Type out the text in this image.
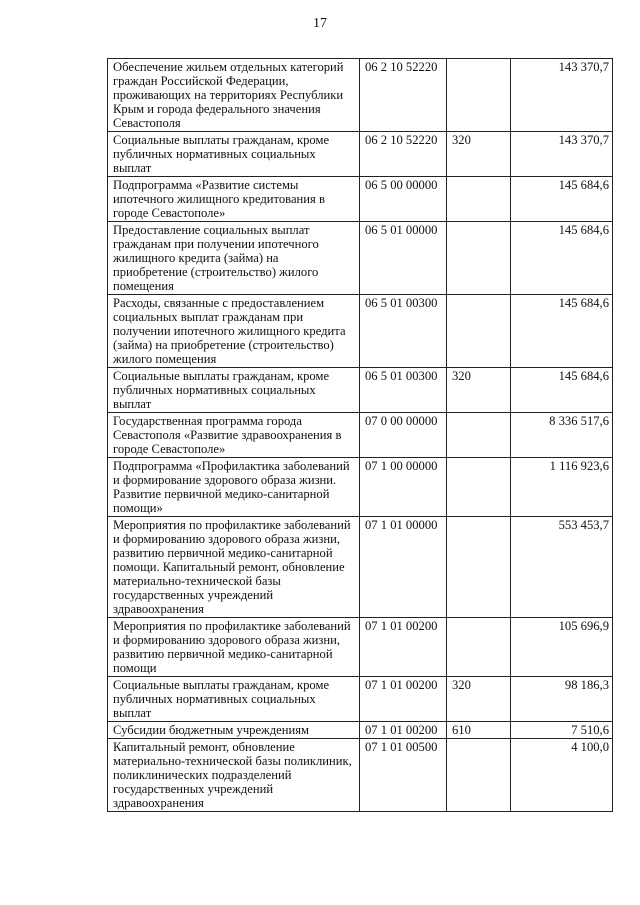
17
Обеспечение жильем отдельных категорий граждан Российской Федерации, проживающих на территориях Республики Крым и города федерального значения Севастополя	06 2 10 52220		143 370,7
Социальные выплаты гражданам, кроме публичных нормативных социальных выплат	06 2 10 52220	320	143 370,7
Подпрограмма «Развитие системы ипотечного жилищного кредитования в городе Севастополе»	06 5 00 00000		145 684,6
Предоставление социальных выплат гражданам при получении ипотечного жилищного кредита (займа) на приобретение (строительство) жилого помещения	06 5 01 00000		145 684,6
Расходы, связанные с предоставлением социальных выплат гражданам при получении ипотечного жилищного кредита (займа) на приобретение (строительство) жилого помещения	06 5 01 00300		145 684,6
Социальные выплаты гражданам, кроме публичных нормативных социальных выплат	06 5 01 00300	320	145 684,6
Государственная программа города Севастополя «Развитие здравоохранения в городе Севастополе»	07 0 00 00000		8 336 517,6
Подпрограмма «Профилактика заболеваний и формирование здорового образа жизни. Развитие первичной медико-санитарной помощи»	07 1 00 00000		1 116 923,6
Мероприятия по профилактике заболеваний и формированию здорового образа жизни, развитию первичной медико-санитарной помощи. Капитальный ремонт, обновление материально-технической базы государственных учреждений здравоохранения	07 1 01 00000		553 453,7
Мероприятия по профилактике заболеваний и формированию здорового образа жизни, развитию первичной медико-санитарной помощи	07 1 01 00200		105 696,9
Социальные выплаты гражданам, кроме публичных нормативных социальных выплат	07 1 01 00200	320	98 186,3
Субсидии бюджетным учреждениям	07 1 01 00200	610	7 510,6
Капитальный ремонт, обновление материально-технической базы поликлиник, поликлинических подразделений государственных учреждений здравоохранения	07 1 01 00500		4 100,0
